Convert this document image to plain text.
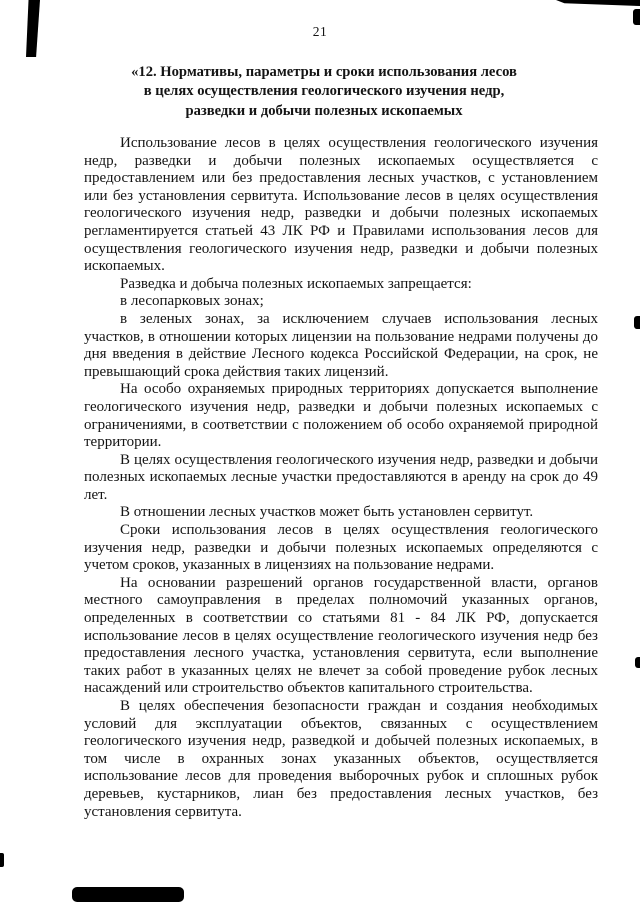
21
«12. Нормативы, параметры и сроки использования лесов
в целях осуществления геологического изучения недр,
разведки и добычи полезных ископаемых

Использование лесов в целях осуществления геологического изучения недр, разведки и добычи полезных ископаемых осуществляется с предоставлением или без предоставления лесных участков, с установлением или без установления сервитута. Использование лесов в целях осуществления геологического изучения недр, разведки и добычи полезных ископаемых регламентируется статьей 43 ЛК РФ и Правилами использования лесов для осуществления геологического изучения недр, разведки и добычи полезных ископаемых.

Разведка и добыча полезных ископаемых запрещается:

в лесопарковых зонах;

в зеленых зонах, за исключением случаев использования лесных участков, в отношении которых лицензии на пользование недрами получены до дня введения в действие Лесного кодекса Российской Федерации, на срок, не превышающий срока действия таких лицензий.

На особо охраняемых природных территориях допускается выполнение геологического изучения недр, разведки и добычи полезных ископаемых с ограничениями, в соответствии с положением об особо охраняемой природной территории.

В целях осуществления геологического изучения недр, разведки и добычи полезных ископаемых лесные участки предоставляются в аренду на срок до 49 лет.

В отношении лесных участков может быть установлен сервитут.

Сроки использования лесов в целях осуществления геологического изучения недр, разведки и добычи полезных ископаемых определяются с учетом сроков, указанных в лицензиях на пользование недрами.

На основании разрешений органов государственной власти, органов местного самоуправления в пределах полномочий указанных органов, определенных в соответствии со статьями 81 - 84 ЛК РФ, допускается использование лесов в целях осуществление геологического изучения недр без предоставления лесного участка, установления сервитута, если выполнение таких работ в указанных целях не влечет за собой проведение рубок лесных насаждений или строительство объектов капитального строительства.

В целях обеспечения безопасности граждан и создания необходимых условий для эксплуатации объектов, связанных с осуществлением геологического изучения недр, разведкой и добычей полезных ископаемых, в том числе в охранных зонах указанных объектов, осуществляется использование лесов для проведения выборочных рубок и сплошных рубок деревьев, кустарников, лиан без предоставления лесных участков, без установления сервитута.
